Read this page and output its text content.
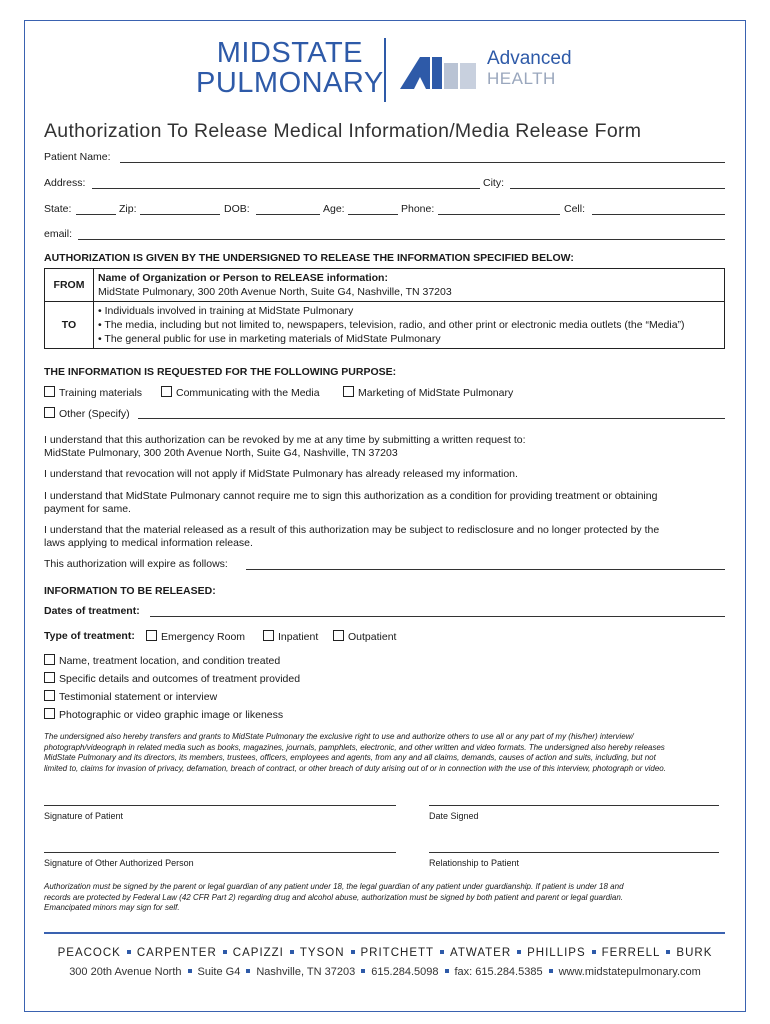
MIDSTATE
PULMONARY
Advanced
HEALTH
Authorization To Release Medical Information/Media Release Form
Patient Name:
Address:	City:
State:	Zip:	DOB:	Age:	Phone:	Cell:
email:
AUTHORIZATION IS GIVEN BY THE UNDERSIGNED TO RELEASE THE INFORMATION SPECIFIED BELOW:
FROM	Name of Organization or Person to RELEASE information:
MidState Pulmonary, 300 20th Avenue North, Suite G4, Nashville, TN 37203

TO	• Individuals involved in training at MidState Pulmonary
• The media, including but not limited to, newspapers, television, radio, and other print or electronic media outlets (the “Media”)
• The general public for use in marketing materials of MidState Pulmonary
THE INFORMATION IS REQUESTED FOR THE FOLLOWING PURPOSE:
Training materials	Communicating with the Media	Marketing of MidState Pulmonary
Other (Specify)
I understand that this authorization can be revoked by me at any time by submitting a written request to:
MidState Pulmonary, 300 20th Avenue North, Suite G4, Nashville, TN 37203
I understand that revocation will not apply if MidState Pulmonary has already released my information.
I understand that MidState Pulmonary cannot require me to sign this authorization as a condition for providing treatment or obtaining
payment for same.
I understand that the material released as a result of this authorization may be subject to redisclosure and no longer protected by the
laws applying to medical information release.
This authorization will expire as follows:
INFORMATION TO BE RELEASED:
Dates of treatment:
Type of treatment:	Emergency Room	Inpatient	Outpatient
Name, treatment location, and condition treated
Specific details and outcomes of treatment provided
Testimonial statement or interview
Photographic or video graphic image or likeness
The undersigned also hereby transfers and grants to MidState Pulmonary the exclusive right to use and authorize others to use all or any part of my (his/her) interview/
photograph/videograph in related media such as books, magazines, journals, pamphlets, electronic, and other written and video formats. The undersigned also hereby releases
MidState Pulmonary and its directors, its members, trustees, officers, employees and agents, from any and all claims, demands, causes of action and suits, including, but not
limited to, claims for invasion of privacy, defamation, breach of contract, or other breach of duty arising out of or in connection with the use of this interview, photograph or video.
Signature of Patient	Date Signed
Signature of Other Authorized Person	Relationship to Patient
Authorization must be signed by the parent or legal guardian of any patient under 18, the legal guardian of any patient under guardianship. If patient is under 18 and
records are protected by Federal Law (42 CFR Part 2) regarding drug and alcohol abuse, authorization must be signed by both patient and parent or legal guardian.
Emancipated minors may sign for self.
PEACOCK CARPENTER CAPIZZI TYSON PRITCHETT ATWATER PHILLIPS FERRELL BURK
300 20th Avenue North Suite G4 Nashville, TN 37203 615.284.5098 fax: 615.284.5385 www.midstatepulmonary.com
